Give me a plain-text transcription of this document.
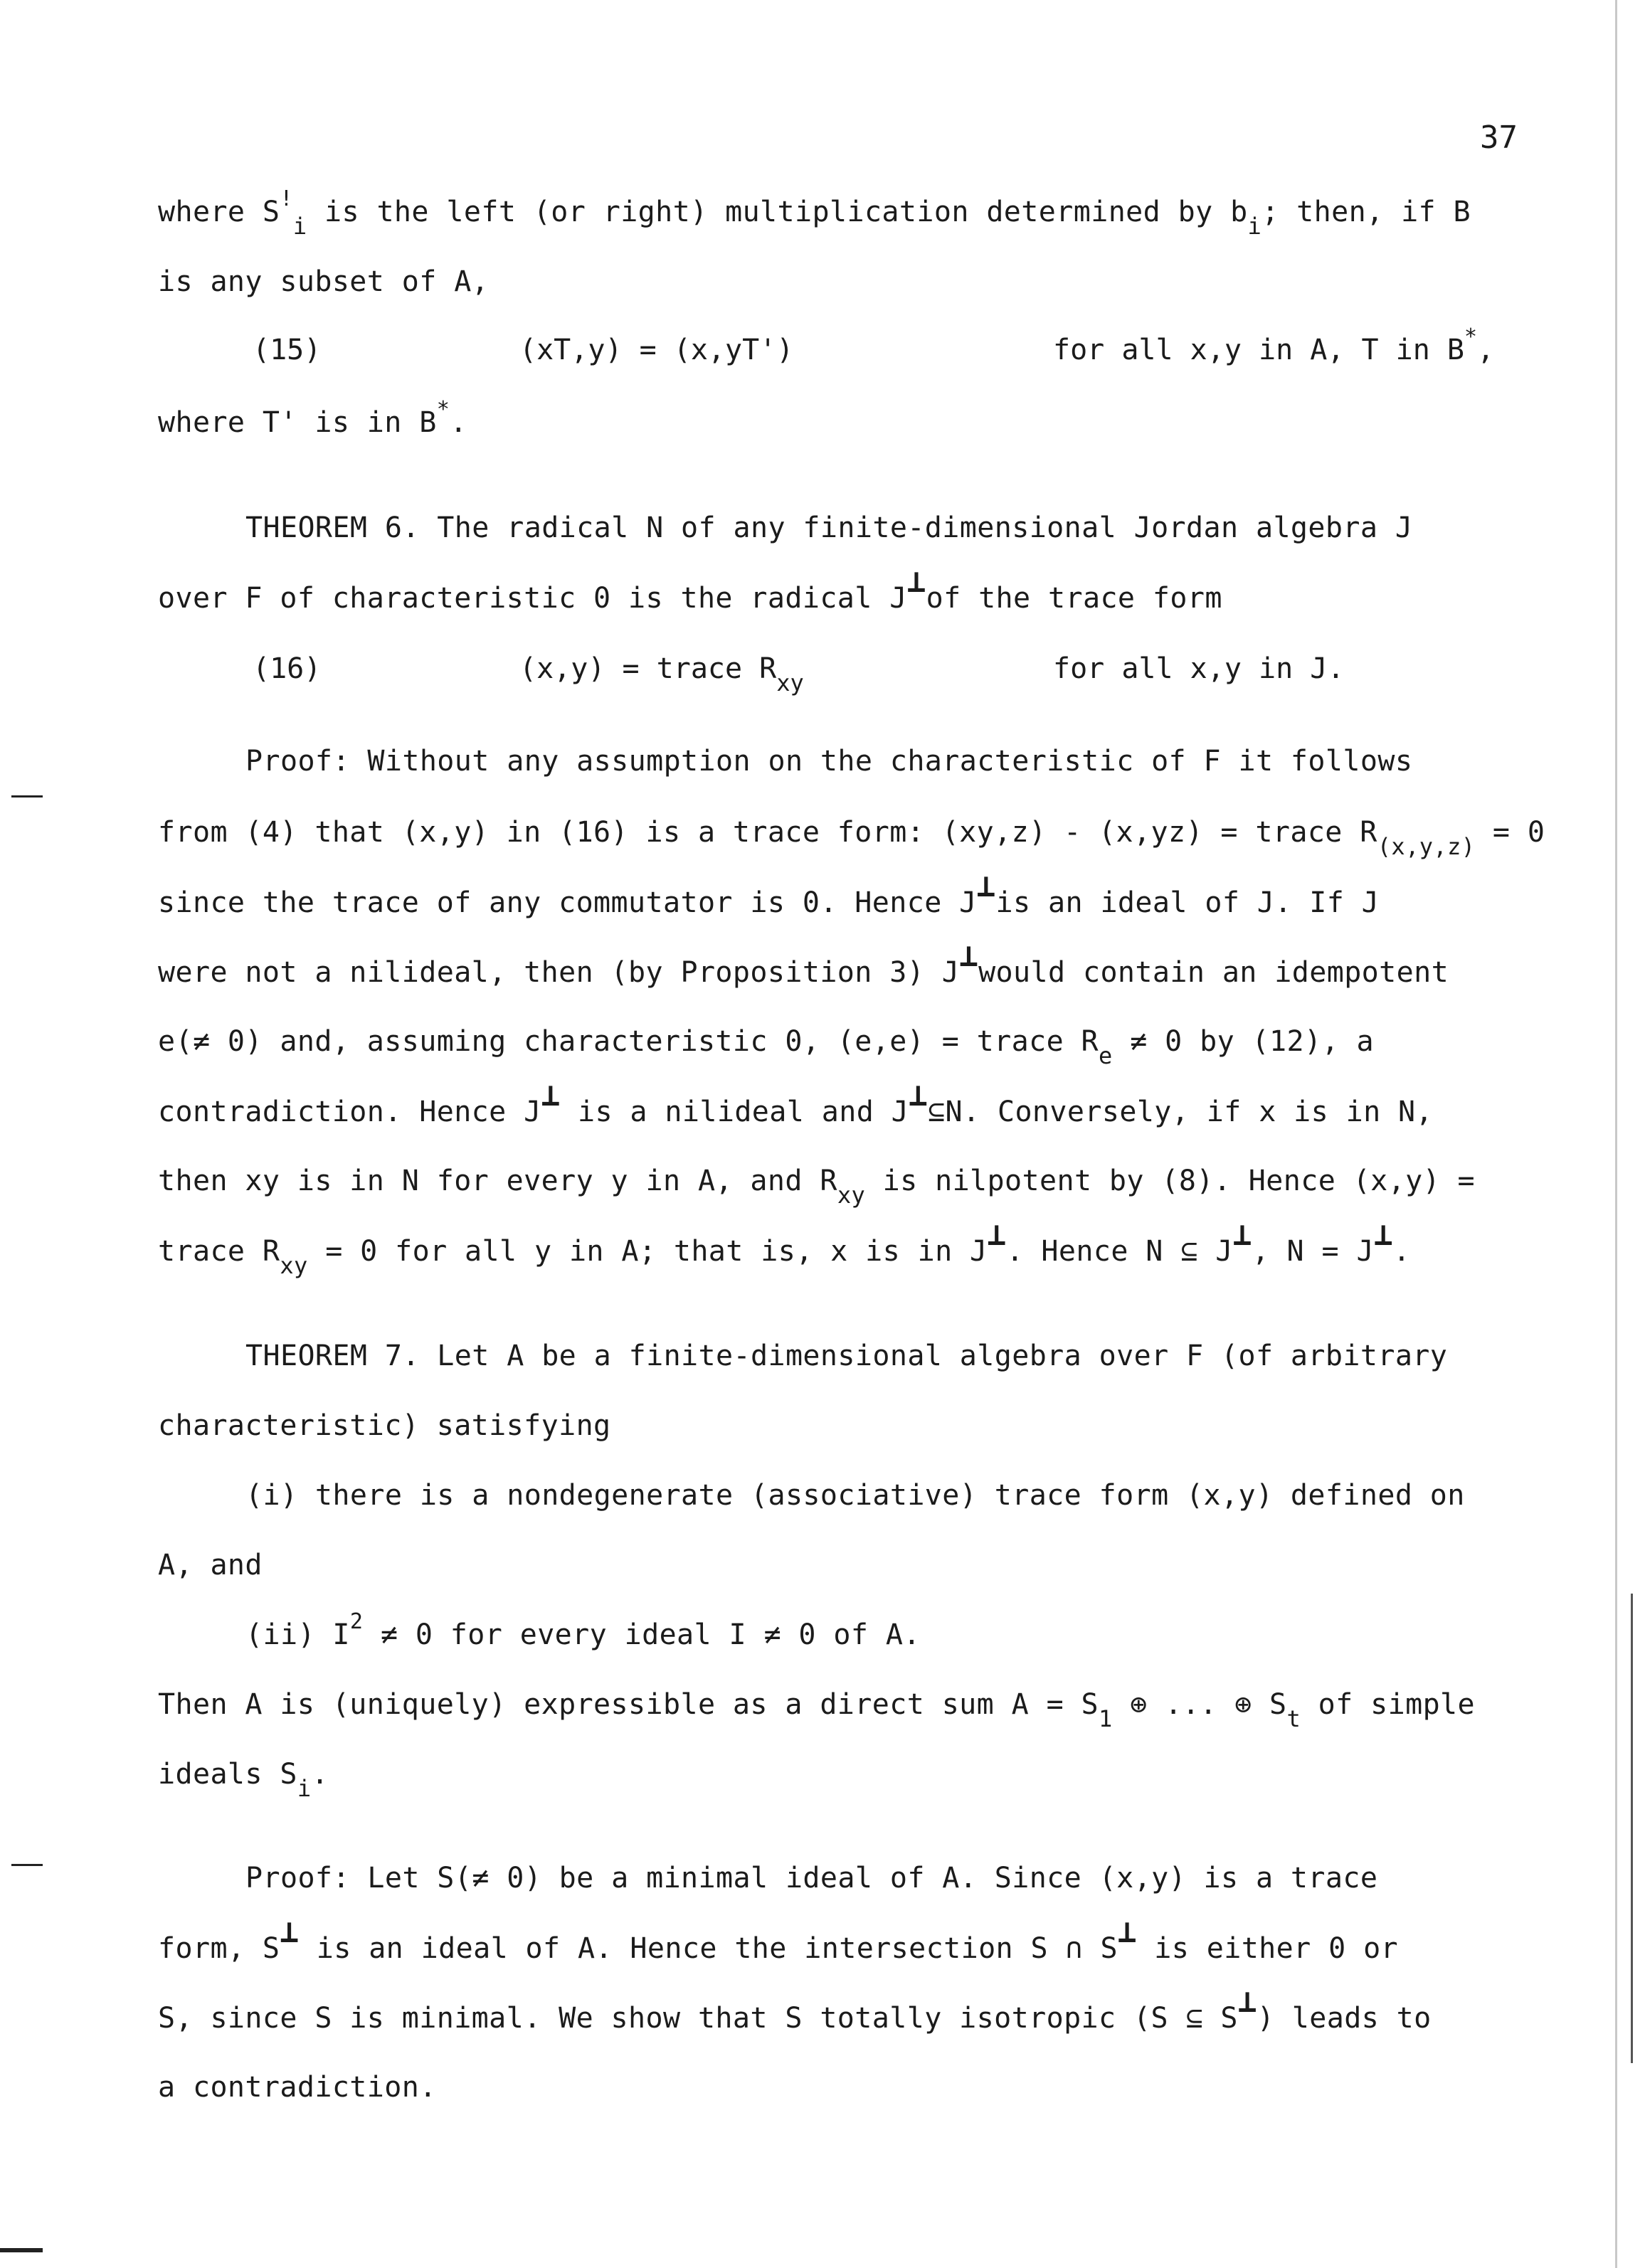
37
where $S^!_i$ is the left (or right) multiplication determined by $b_i$; then, if B
is any subset of A,
where T' is in B*.
THEOREM 6. The radical N of any finite-dimensional Jordan algebra J
over F of characteristic 0 is the radical J⊥of the trace form
Proof: Without any assumption on the characteristic of F it follows
from (4) that (x,y) in (16) is a trace form: (xy,z) - (x,yz) = trace $R_{(x,y,z)} = 0$
since the trace of any commutator is 0. Hence J⊥is an ideal of J. If J
were not a nilideal, then (by Proposition 3) J⊥would contain an idempotent
e(≠ 0) and, assuming characteristic 0, (e,e) = trace $R_e \ne 0$ by (12), a
contradiction. Hence J⊥ is a nilideal and J⊥⊆N. Conversely, if x is in N,
then xy is in N for every y in A, and $R_{xy}$ is nilpotent by (8). Hence (x,y) =
trace $R_{xy} = 0$ for all y in A; that is, x is in J⊥. Hence N ⊆ J⊥, N = J⊥.
THEOREM 7. Let A be a finite-dimensional algebra over F (of arbitrary
characteristic) satisfying
(i) there is a nondegenerate (associative) trace form (x,y) defined on
A, and
(ii) $I^2 \ne 0$ for every ideal I ≠ 0 of A.
Then A is (uniquely) expressible as a direct sum $A = S_1$ ⊕ ... ⊕ $S_t$ of simple
ideals $S_i$.
Proof: Let S(≠ 0) be a minimal ideal of A. Since (x,y) is a trace
form, S⊥ is an ideal of A. Hence the intersection S ∩ S⊥ is either 0 or
S, since S is minimal. We show that S totally isotropic (S ⊆ S⊥) leads to
a contradiction.
(15)	(xT,y) = (x,yT')	for all x,y in A, T in B*,
(16)	(x,y) = trace $R_{xy}$	for all x,y in J.
